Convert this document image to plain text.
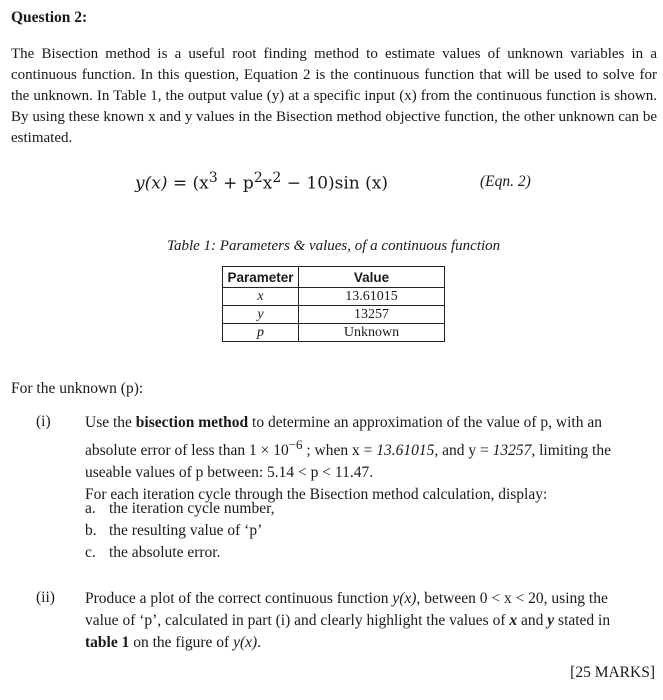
Question 2:
The Bisection method is a useful root finding method to estimate values of unknown variables in a continuous function. In this question, Equation 2 is the continuous function that will be used to solve for the unknown. In Table 1, the output value (y) at a specific input (x) from the continuous function is shown. By using these known x and y values in the Bisection method objective function, the other unknown can be estimated.
$y(x) = (x^3 + p^2x^2 - 10)\sin$ (x)	(Eqn. 2)
Table 1: Parameters & values, of a continuous function
Parameter	Value
x	13.61015
y	13257
p	Unknown
For the unknown (p):
(i) Use the bisection method to determine an approximation of the value of p, with an absolute error of less than $1 \times 10^{-6}$ ; when x = 13.61015, and y = 13257, limiting the useable values of p between: 5.14 < p < 11.47.
For each iteration cycle through the Bisection method calculation, display:
a. the iteration cycle number,
b. the resulting value of ‘p’
c. the absolute error.
(ii) Produce a plot of the correct continuous function y(x), between 0 < x < 20, using the value of ‘p’, calculated in part (i) and clearly highlight the values of x and y stated in table 1 on the figure of y(x).
[25 MARKS]
